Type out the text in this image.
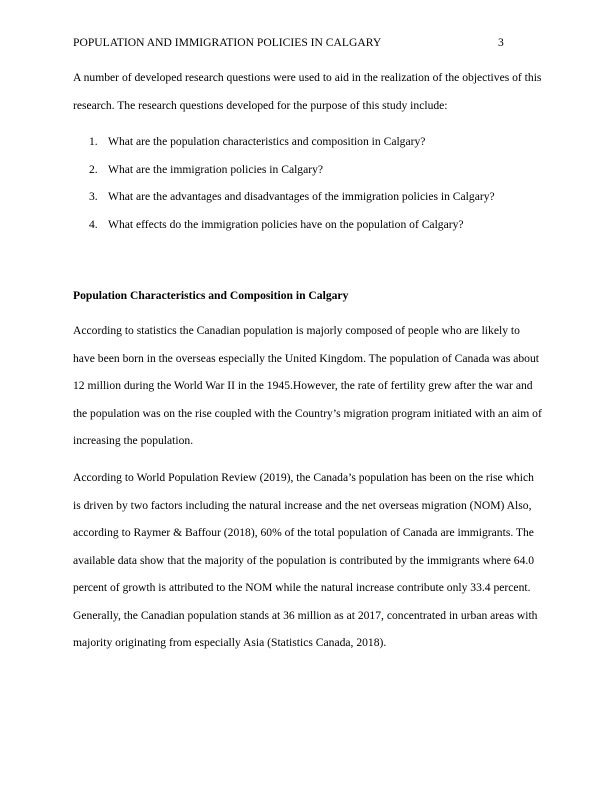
POPULATION AND IMMIGRATION POLICIES IN CALGARY	3

A number of developed research questions were used to aid in the realization of the objectives of this research. The research questions developed for the purpose of this study include:

1. What are the population characteristics and composition in Calgary?
2. What are the immigration policies in Calgary?
3. What are the advantages and disadvantages of the immigration policies in Calgary?
4. What effects do the immigration policies have on the population of Calgary?
Population Characteristics and Composition in Calgary

According to statistics the Canadian population is majorly composed of people who are likely to have been born in the overseas especially the United Kingdom. The population of Canada was about 12 million during the World War II in the 1945.However, the rate of fertility grew after the war and the population was on the rise coupled with the Country’s migration program initiated with an aim of increasing the population.

According to World Population Review (2019), the Canada’s population has been on the rise which is driven by two factors including the natural increase and the net overseas migration (NOM) Also, according to Raymer & Baffour (2018), 60% of the total population of Canada are immigrants. The available data show that the majority of the population is contributed by the immigrants where 64.0 percent of growth is attributed to the NOM while the natural increase contribute only 33.4 percent. Generally, the Canadian population stands at 36 million as at 2017, concentrated in urban areas with majority originating from especially Asia (Statistics Canada, 2018).
